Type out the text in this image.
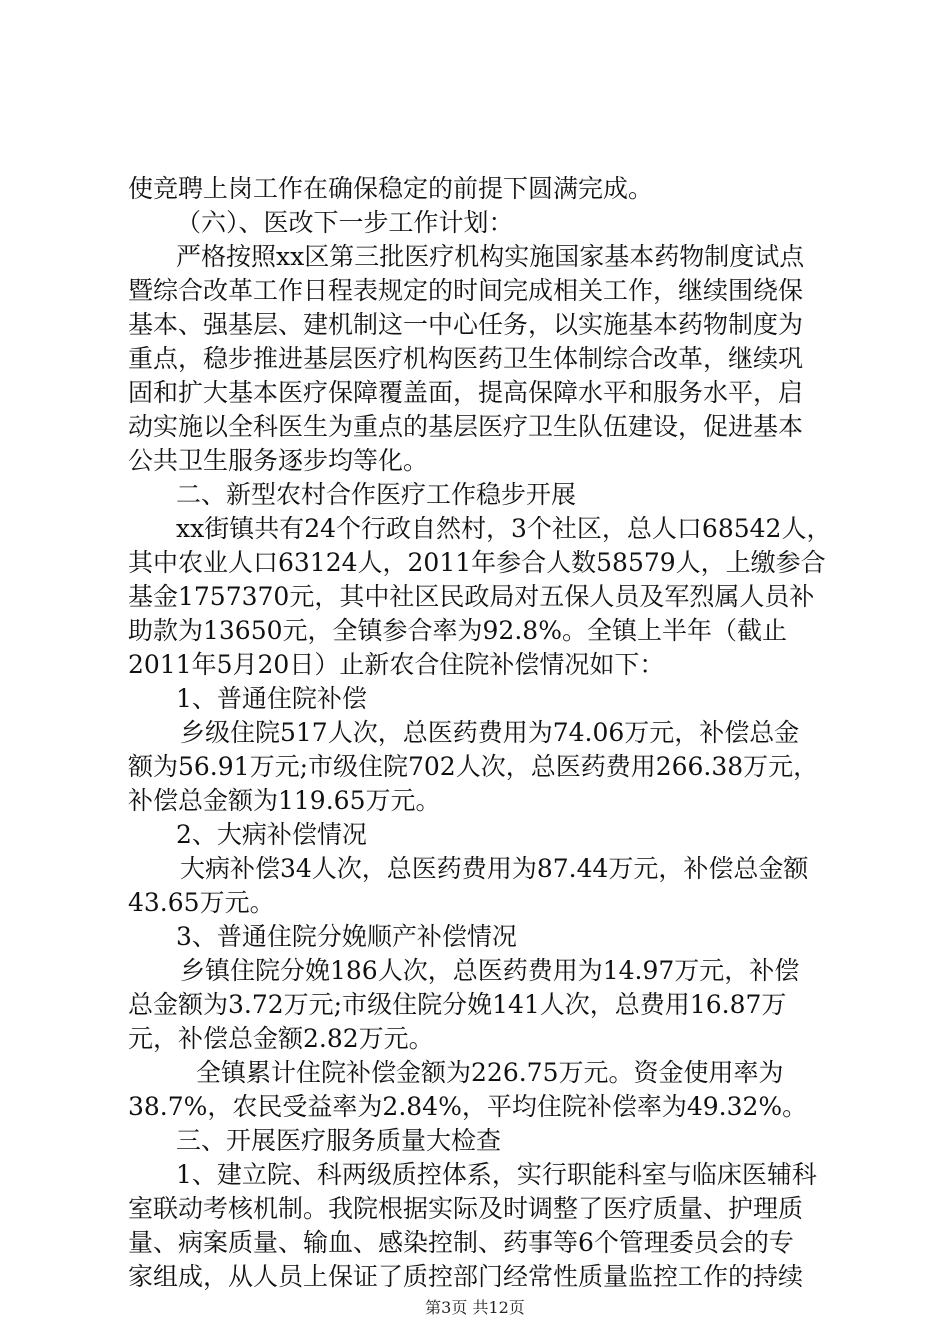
使竞聘上岗工作在确保稳定的前提下圆满完成。
（六）、医改下一步工作计划：
严格按照xx区第三批医疗机构实施国家基本药物制度试点
暨综合改革工作日程表规定的时间完成相关工作，继续围绕保
基本、强基层、建机制这一中心任务，以实施基本药物制度为
重点，稳步推进基层医疗机构医药卫生体制综合改革，继续巩
固和扩大基本医疗保障覆盖面，提高保障水平和服务水平，启
动实施以全科医生为重点的基层医疗卫生队伍建设，促进基本
公共卫生服务逐步均等化。
二、新型农村合作医疗工作稳步开展
xx街镇共有24个行政自然村，3个社区，总人口68542人，
其中农业人口63124人，2011年参合人数58579人，上缴参合
基金1757370元，其中社区民政局对五保人员及军烈属人员补
助款为13650元，全镇参合率为92.8%。全镇上半年（截止
2011年5月20日）止新农合住院补偿情况如下：
1、普通住院补偿
乡级住院517人次，总医药费用为74.06万元，补偿总金
额为56.91万元;市级住院702人次，总医药费用266.38万元，
补偿总金额为119.65万元。
2、大病补偿情况
大病补偿34人次，总医药费用为87.44万元，补偿总金额
43.65万元。
3、普通住院分娩顺产补偿情况
乡镇住院分娩186人次，总医药费用为14.97万元，补偿
总金额为3.72万元;市级住院分娩141人次，总费用16.87万
元，补偿总金额2.82万元。
全镇累计住院补偿金额为226.75万元。资金使用率为
38.7%，农民受益率为2.84%，平均住院补偿率为49.32%。
三、开展医疗服务质量大检查
1、建立院、科两级质控体系，实行职能科室与临床医辅科
室联动考核机制。我院根据实际及时调整了医疗质量、护理质
量、病案质量、输血、感染控制、药事等6个管理委员会的专
家组成，从人员上保证了质控部门经常性质量监控工作的持续
第3页 共12页
